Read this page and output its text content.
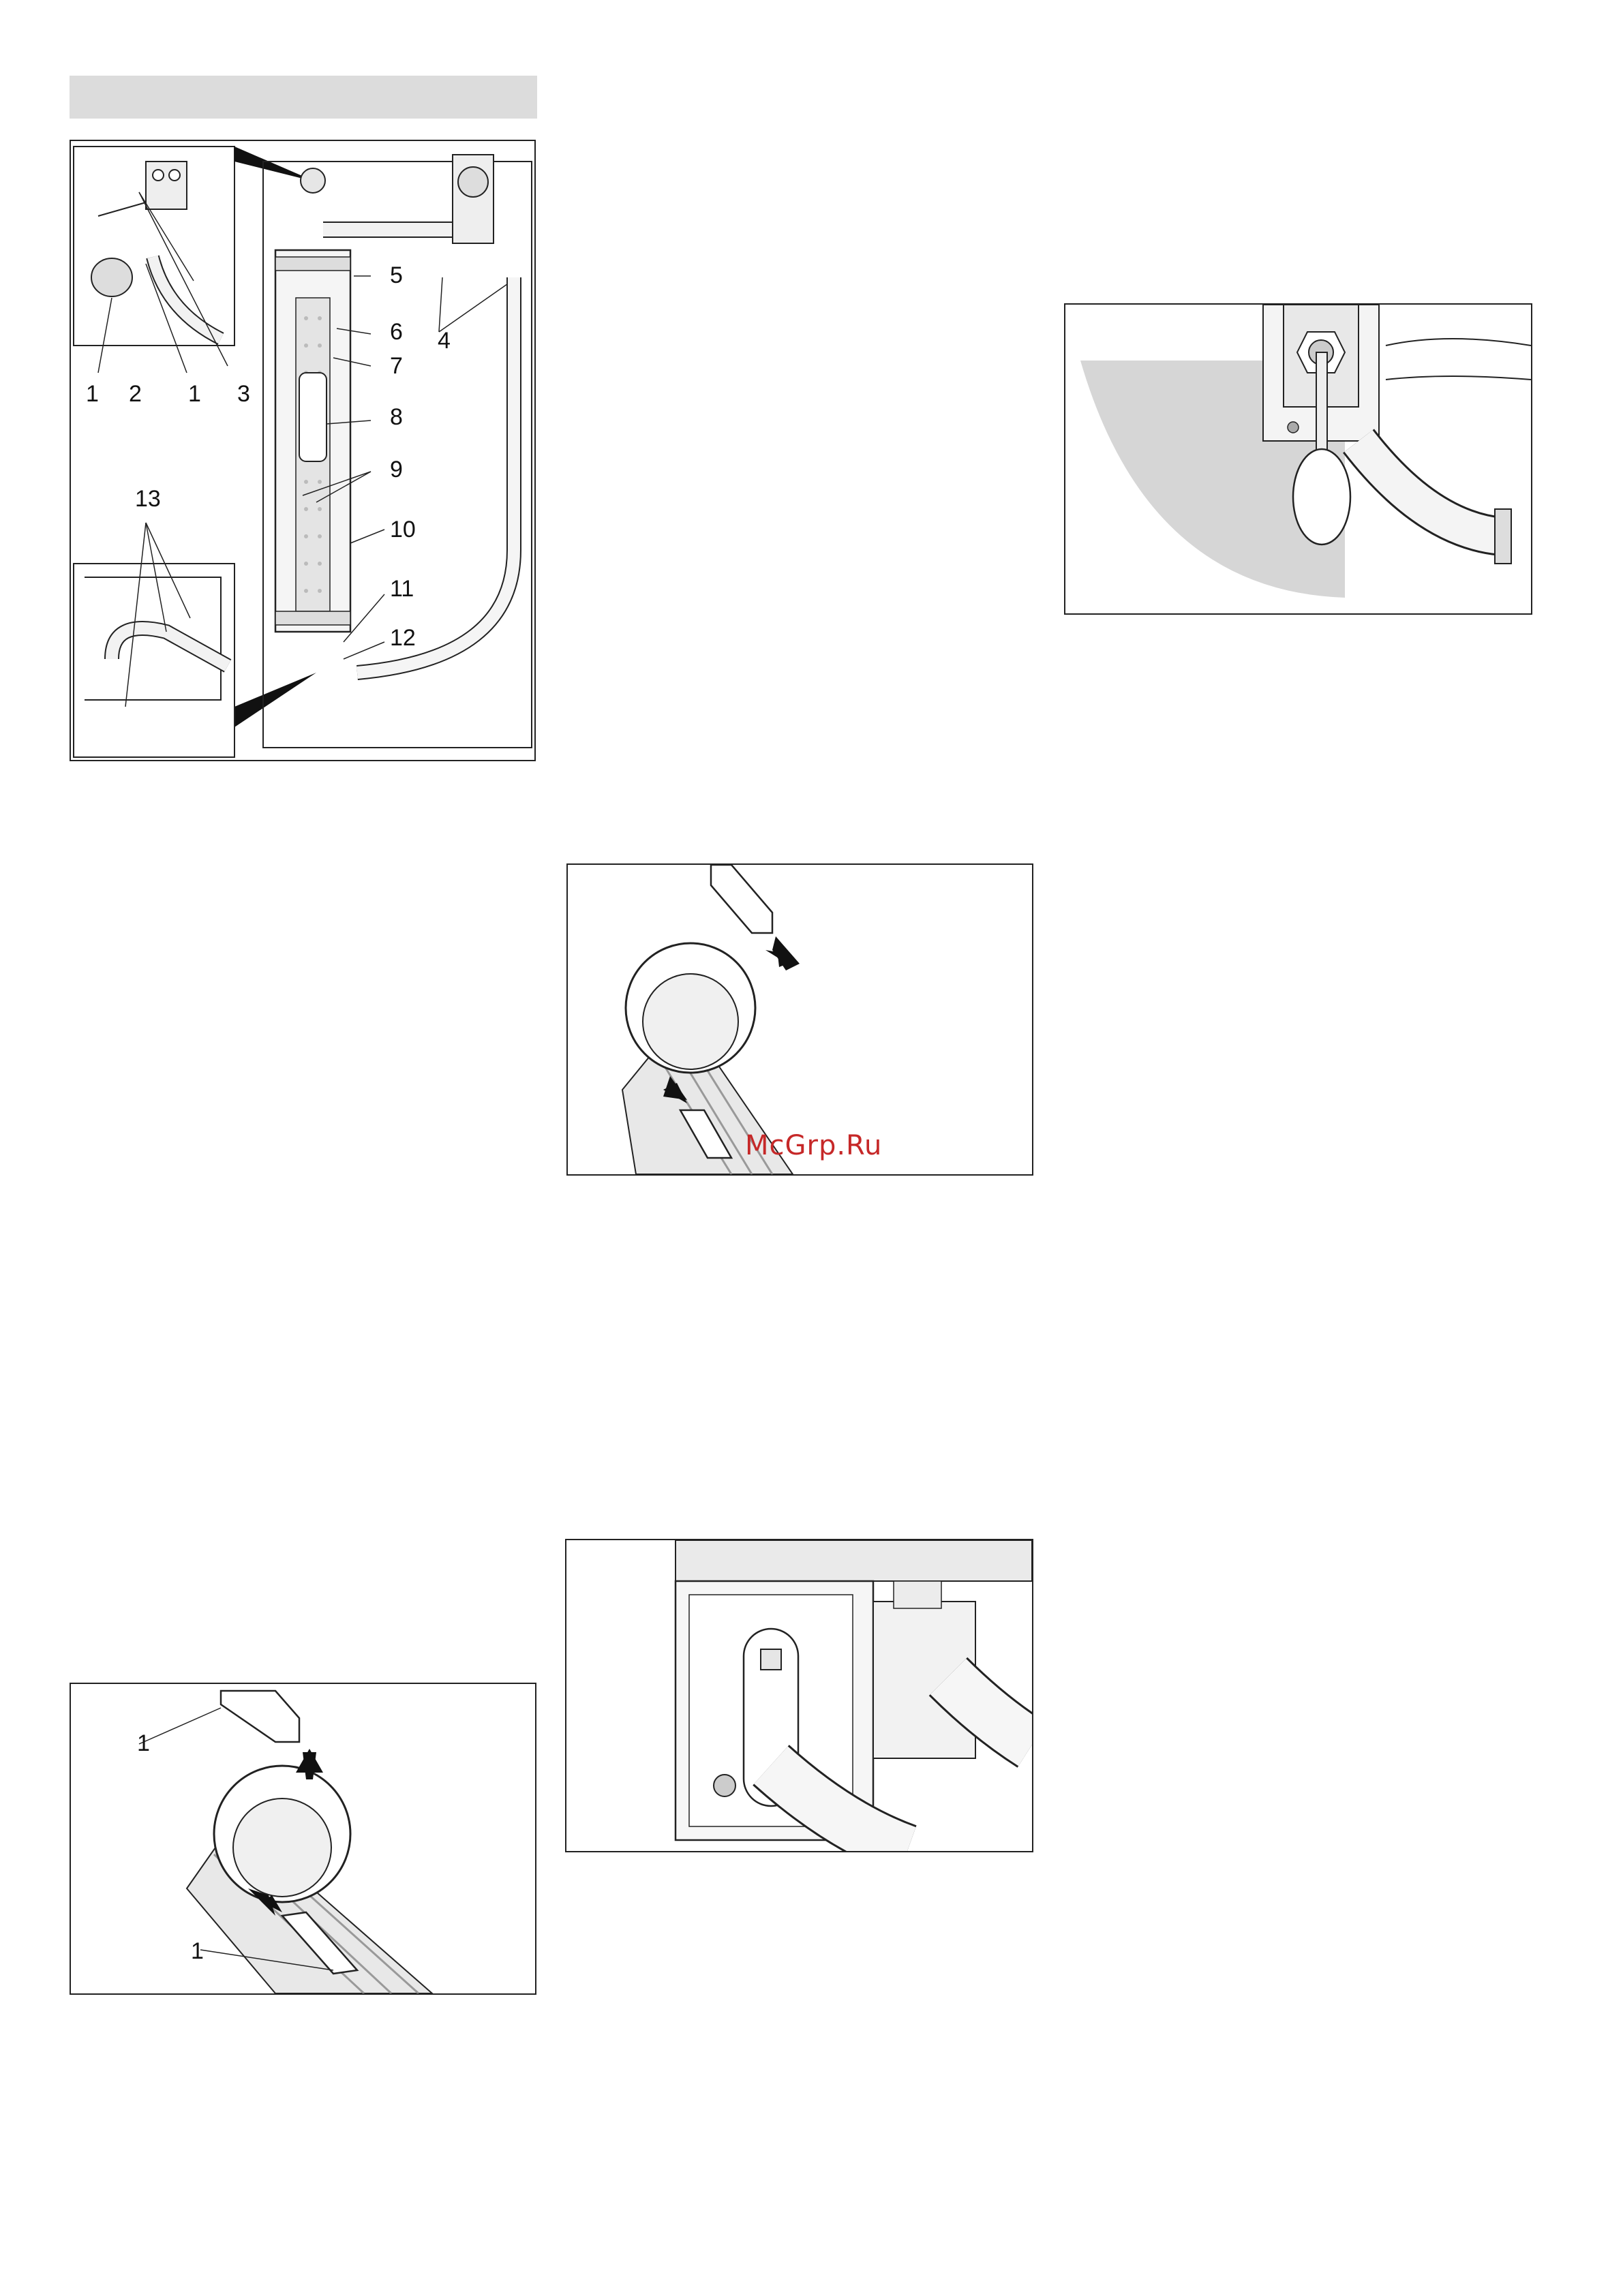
1 2 1 3
4
5
6
7
8
9
10
11
12
13
1
1
McGrp.Ru
